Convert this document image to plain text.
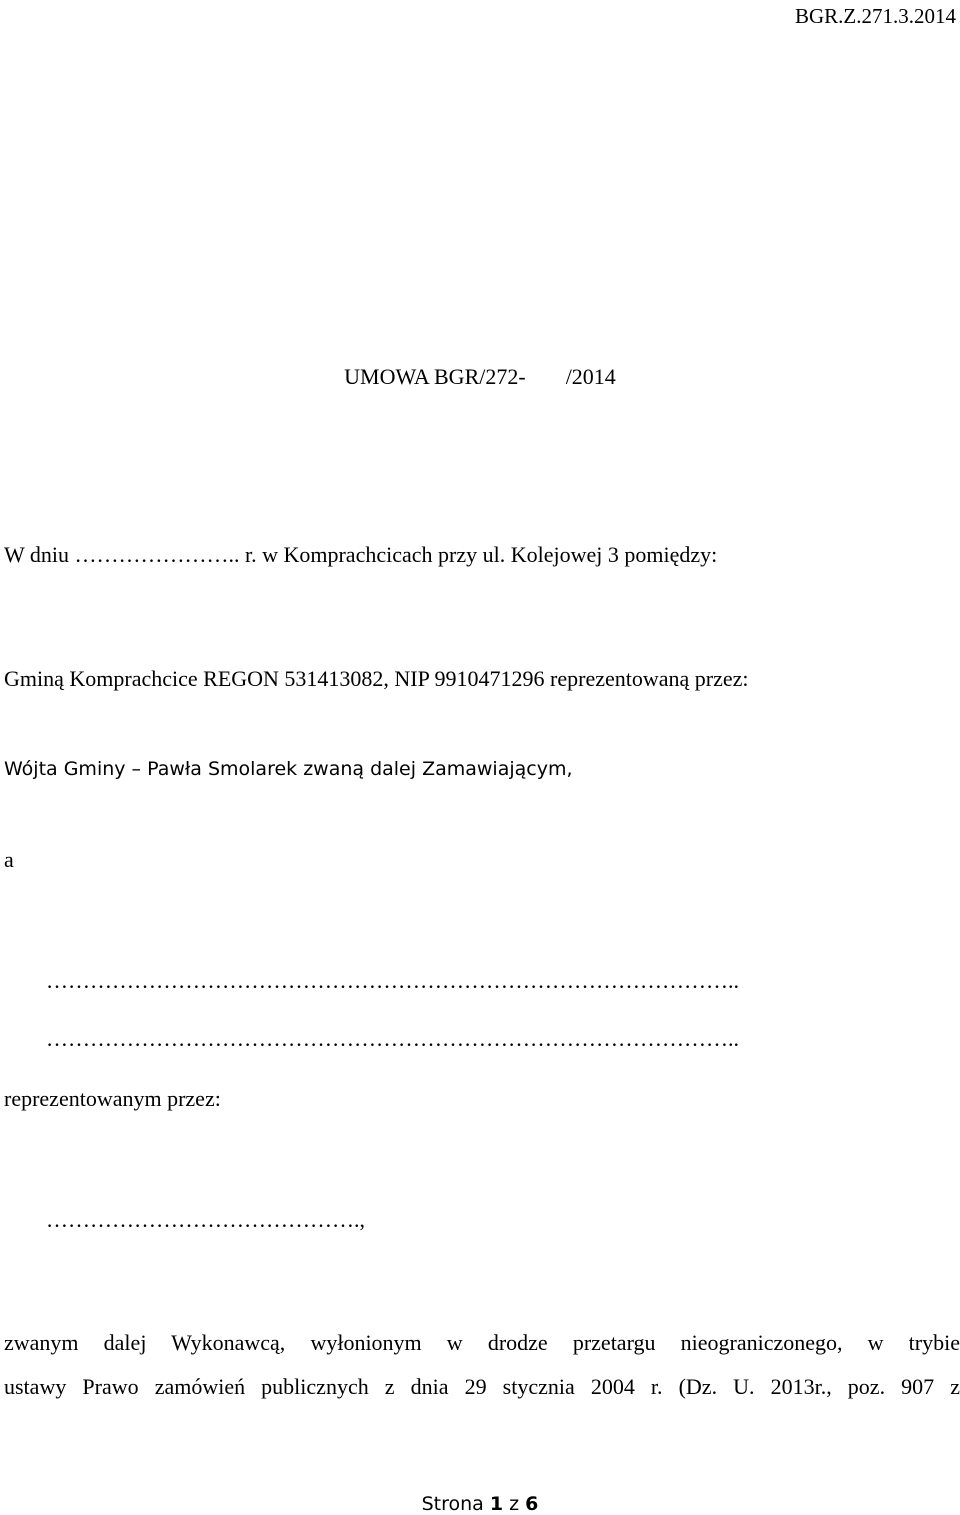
BGR.Z.271.3.2014
UMOWA BGR/272- /2014
W dniu ………………….. r. w Komprachcicach przy ul. Kolejowej 3 pomiędzy:
Gminą Komprachcice REGON 531413082, NIP 9910471296 reprezentowaną przez:
Wójta Gminy – Pawła Smolarek zwaną dalej Zamawiającym,
a
…………………………………………………………………………………..
…………………………………………………………………………………..
reprezentowanym przez:
…………………………………….,
zwanym dalej Wykonawcą, wyłonionym w drodze przetargu nieograniczonego, w trybie
ustawy Prawo zamówień publicznych z dnia 29 stycznia 2004 r. (Dz. U. 2013r., poz. 907 z
Strona 1 z 6
